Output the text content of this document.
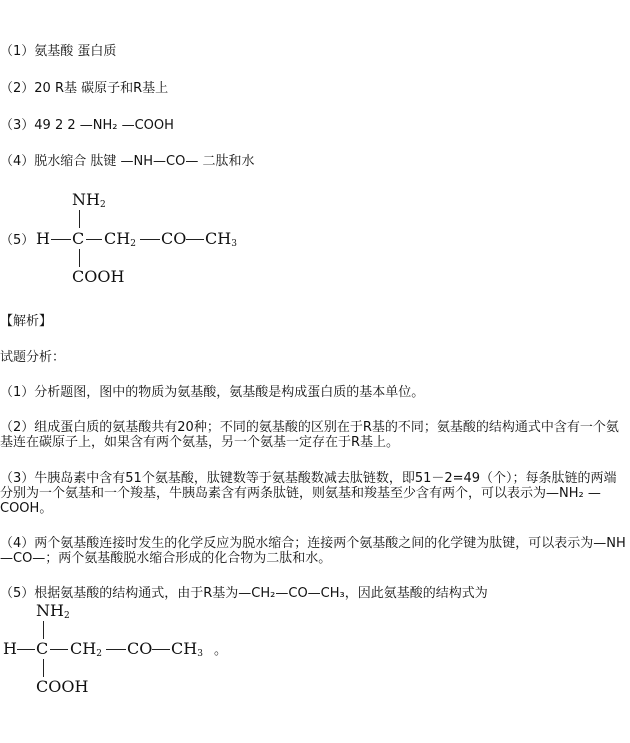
（1）氨基酸 蛋白质
（2）20 R基 碳原子和R基上
（3）49 2 2 —NH₂ —COOH
（4）脱水缩合 肽键 —NH—CO— 二肽和水
（5）
$NH_2$
H C $CH_2$ CO $CH_3$
COOH
【解析】
试题分析：
（1）分析题图，图中的物质为氨基酸，氨基酸是构成蛋白质的基本单位。
（2）组成蛋白质的氨基酸共有20种；不同的氨基酸的区别在于R基的不同；氨基酸的结构通式中含有一个氨基连在碳原子上，如果含有两个氨基，另一个氨基一定存在于R基上。
（3）牛胰岛素中含有51个氨基酸，肽键数等于氨基酸数减去肽链数，即51－2=49（个）；每条肽链的两端分别为一个氨基和一个羧基，牛胰岛素含有两条肽链，则氨基和羧基至少含有两个，可以表示为—NH₂ —COOH。
（4）两个氨基酸连接时发生的化学反应为脱水缩合；连接两个氨基酸之间的化学键为肽键，可以表示为—NH—CO—；两个氨基酸脱水缩合形成的化合物为二肽和水。
（5）根据氨基酸的结构通式，由于R基为—CH₂—CO—CH₃，因此氨基酸的结构式为
$NH_2$
H C $CH_2$ CO $CH_3$ 。
COOH
